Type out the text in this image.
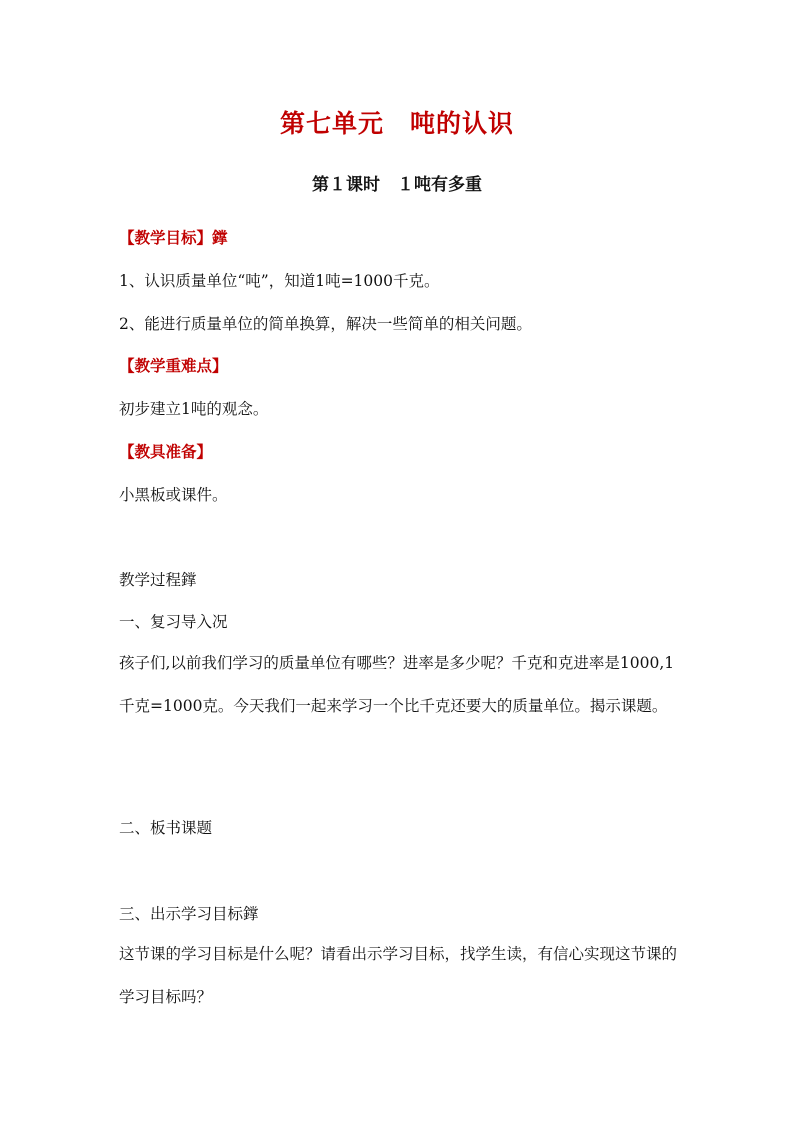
第七单元　吨的认识
第１课时　１吨有多重
【教学目标】鐣
1、认识质量单位“吨”，知道1吨=1000千克。
2、能进行质量单位的简单换算，解决一些简单的相关问题。
【教学重难点】
初步建立1吨的观念。
【教具准备】
小黑板或课件。
教学过程鐣
一、复习导入况
孩子们,以前我们学习的质量单位有哪些？进率是多少呢？千克和克进率是1000,1千克=1000克。今天我们一起来学习一个比千克还要大的质量单位。揭示课题。
二、板书课题
三、出示学习目标鐣
这节课的学习目标是什么呢？请看出示学习目标，找学生读，有信心实现这节课的学习目标吗？
